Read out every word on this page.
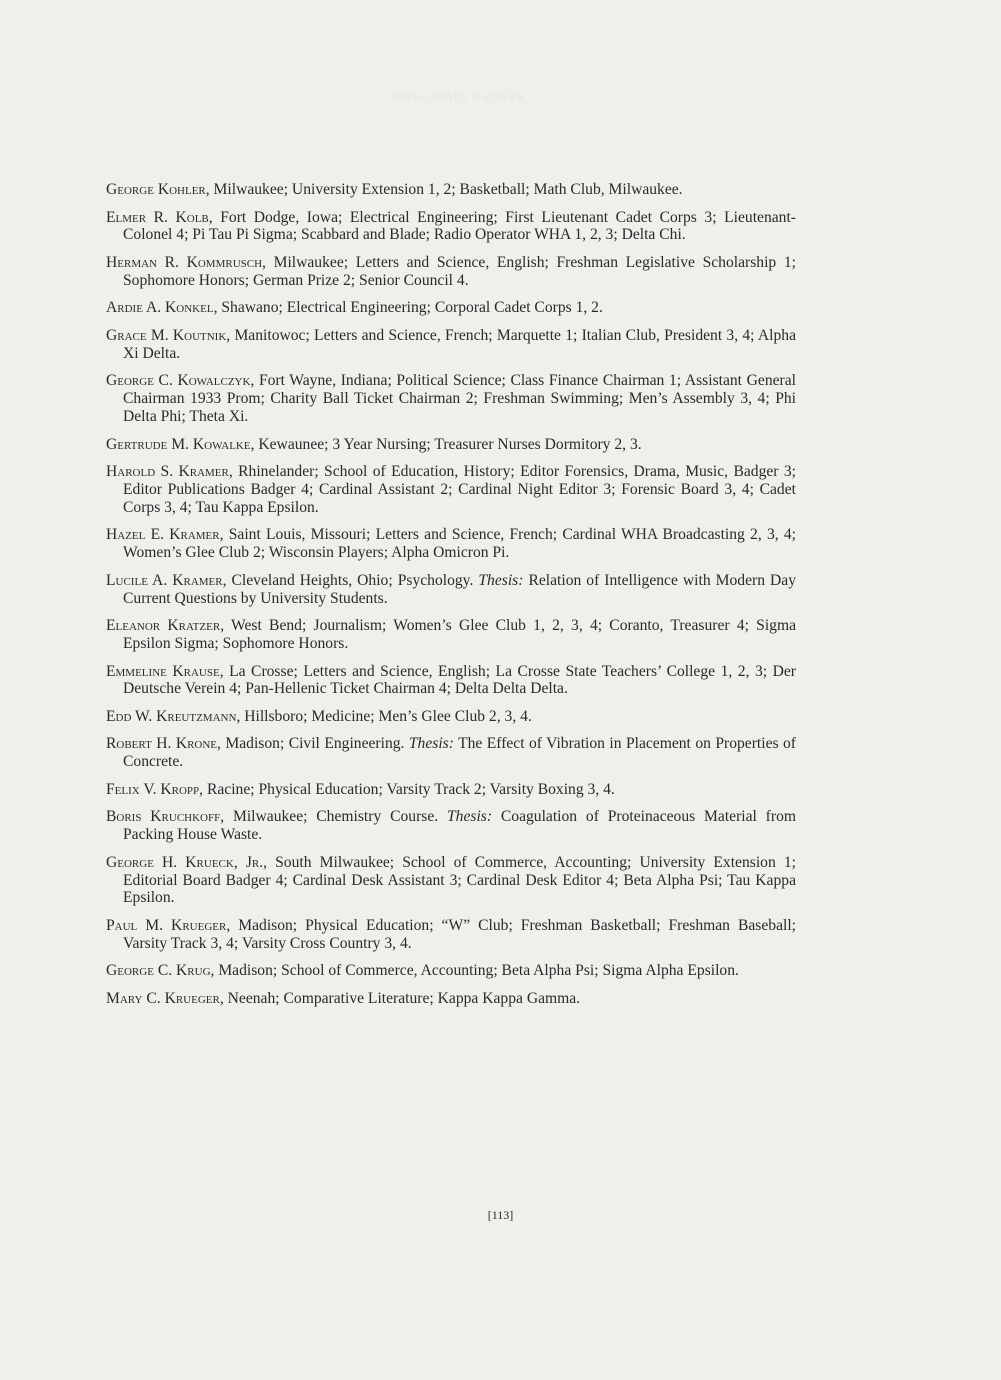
WISCONSIN BADGER

George Kohler, Milwaukee; University Extension 1, 2; Basketball; Math Club, Milwaukee.

Elmer R. Kolb, Fort Dodge, Iowa; Electrical Engineering; First Lieutenant Cadet Corps 3; Lieutenant-Colonel 4; Pi Tau Pi Sigma; Scabbard and Blade; Radio Operator WHA 1, 2, 3; Delta Chi.

Herman R. Kommrusch, Milwaukee; Letters and Science, English; Freshman Legislative Scholarship 1; Sophomore Honors; German Prize 2; Senior Council 4.

Ardie A. Konkel, Shawano; Electrical Engineering; Corporal Cadet Corps 1, 2.

Grace M. Koutnik, Manitowoc; Letters and Science, French; Marquette 1; Italian Club, President 3, 4; Alpha Xi Delta.

George C. Kowalczyk, Fort Wayne, Indiana; Political Science; Class Finance Chairman 1; Assistant General Chairman 1933 Prom; Charity Ball Ticket Chairman 2; Freshman Swimming; Men’s Assembly 3, 4; Phi Delta Phi; Theta Xi.

Gertrude M. Kowalke, Kewaunee; 3 Year Nursing; Treasurer Nurses Dormitory 2, 3.

Harold S. Kramer, Rhinelander; School of Education, History; Editor Forensics, Drama, Music, Badger 3; Editor Publications Badger 4; Cardinal Assistant 2; Cardinal Night Editor 3; Forensic Board 3, 4; Cadet Corps 3, 4; Tau Kappa Epsilon.

Hazel E. Kramer, Saint Louis, Missouri; Letters and Science, French; Cardinal WHA Broadcasting 2, 3, 4; Women’s Glee Club 2; Wisconsin Players; Alpha Omicron Pi.

Lucile A. Kramer, Cleveland Heights, Ohio; Psychology. Thesis: Relation of Intelligence with Modern Day Current Questions by University Students.

Eleanor Kratzer, West Bend; Journalism; Women’s Glee Club 1, 2, 3, 4; Coranto, Treasurer 4; Sigma Epsilon Sigma; Sophomore Honors.

Emmeline Krause, La Crosse; Letters and Science, English; La Crosse State Teachers’ College 1, 2, 3; Der Deutsche Verein 4; Pan-Hellenic Ticket Chairman 4; Delta Delta Delta.

Edd W. Kreutzmann, Hillsboro; Medicine; Men’s Glee Club 2, 3, 4.

Robert H. Krone, Madison; Civil Engineering. Thesis: The Effect of Vibration in Placement on Properties of Concrete.

Felix V. Kropp, Racine; Physical Education; Varsity Track 2; Varsity Boxing 3, 4.

Boris Kruchkoff, Milwaukee; Chemistry Course. Thesis: Coagulation of Proteinaceous Material from Packing House Waste.

George H. Krueck, Jr., South Milwaukee; School of Commerce, Accounting; University Extension 1; Editorial Board Badger 4; Cardinal Desk Assistant 3; Cardinal Desk Editor 4; Beta Alpha Psi; Tau Kappa Epsilon.

Paul M. Krueger, Madison; Physical Education; “W” Club; Freshman Basketball; Freshman Baseball; Varsity Track 3, 4; Varsity Cross Country 3, 4.

George C. Krug, Madison; School of Commerce, Accounting; Beta Alpha Psi; Sigma Alpha Epsilon.

Mary C. Krueger, Neenah; Comparative Literature; Kappa Kappa Gamma.

[113]
